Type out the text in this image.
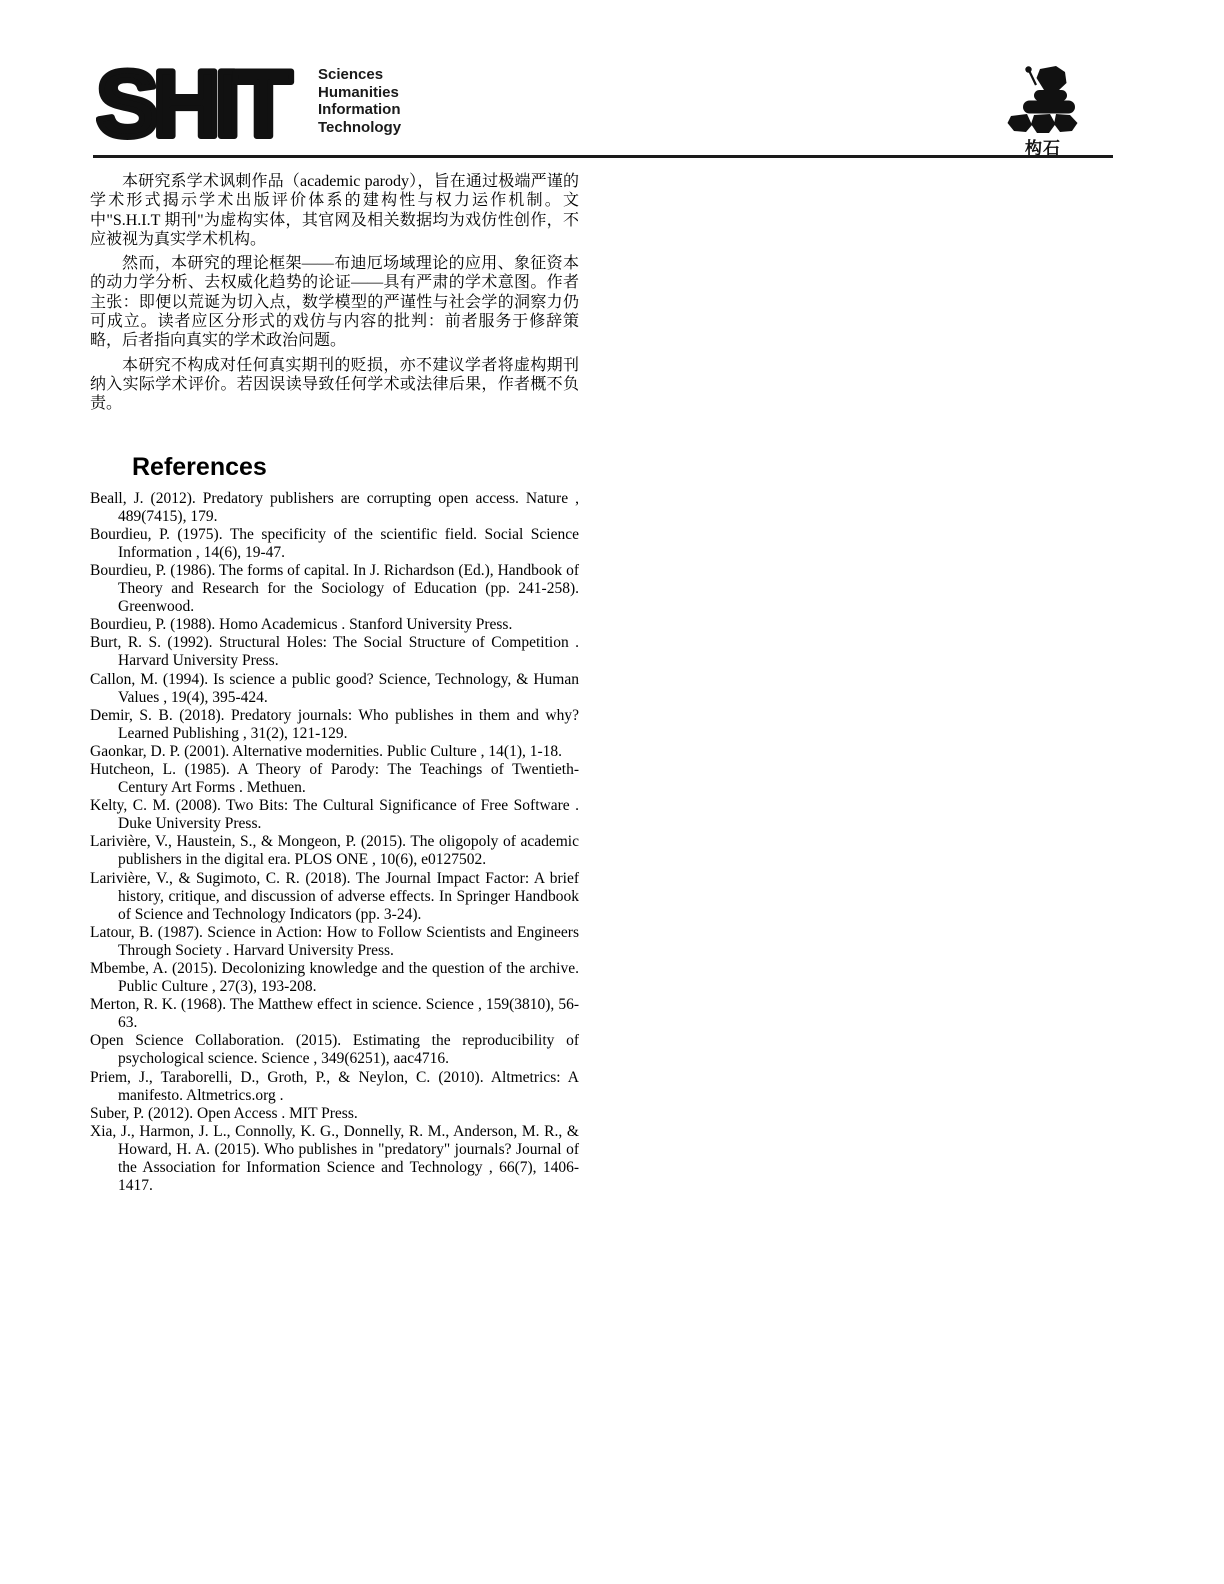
SHIT	Sciences
Humanities
Information
Technology
构石

本研究系学术讽刺作品（academic parody），旨在通过极端严谨的学术形式揭示学术出版评价体系的建构性与权力运作机制。文中"S.H.I.T 期刊"为虚构实体，其官网及相关数据均为戏仿性创作，不应被视为真实学术机构。

然而，本研究的理论框架——布迪厄场域理论的应用、象征资本的动力学分析、去权威化趋势的论证——具有严肃的学术意图。作者主张：即便以荒诞为切入点，数学模型的严谨性与社会学的洞察力仍可成立。读者应区分形式的戏仿与内容的批判：前者服务于修辞策略，后者指向真实的学术政治问题。

本研究不构成对任何真实期刊的贬损，亦不建议学者将虚构期刊纳入实际学术评价。若因误读导致任何学术或法律后果，作者概不负责。

References

Beall, J. (2012). Predatory publishers are corrupting open access. Nature , 489(7415), 179.

Bourdieu, P. (1975). The specificity of the scientific field. Social Science Information , 14(6), 19-47.

Bourdieu, P. (1986). The forms of capital. In J. Richardson (Ed.), Handbook of Theory and Research for the Sociology of Education (pp. 241-258). Greenwood.

Bourdieu, P. (1988). Homo Academicus . Stanford University Press.

Burt, R. S. (1992). Structural Holes: The Social Structure of Competition . Harvard University Press.

Callon, M. (1994). Is science a public good? Science, Technology, & Human Values , 19(4), 395-424.

Demir, S. B. (2018). Predatory journals: Who publishes in them and why? Learned Publishing , 31(2), 121-129.

Gaonkar, D. P. (2001). Alternative modernities. Public Culture , 14(1), 1-18.

Hutcheon, L. (1985). A Theory of Parody: The Teachings of Twentieth-Century Art Forms . Methuen.

Kelty, C. M. (2008). Two Bits: The Cultural Significance of Free Software . Duke University Press.

Larivière, V., Haustein, S., & Mongeon, P. (2015). The oligopoly of academic publishers in the digital era. PLOS ONE , 10(6), e0127502.

Larivière, V., & Sugimoto, C. R. (2018). The Journal Impact Factor: A brief history, critique, and discussion of adverse effects. In Springer Handbook of Science and Technology Indicators (pp. 3-24).

Latour, B. (1987). Science in Action: How to Follow Scientists and Engineers Through Society . Harvard University Press.

Mbembe, A. (2015). Decolonizing knowledge and the question of the archive. Public Culture , 27(3), 193-208.

Merton, R. K. (1968). The Matthew effect in science. Science , 159(3810), 56-63.

Open Science Collaboration. (2015). Estimating the reproducibility of psychological science. Science , 349(6251), aac4716.

Priem, J., Taraborelli, D., Groth, P., & Neylon, C. (2010). Altmetrics: A manifesto. Altmetrics.org .

Suber, P. (2012). Open Access . MIT Press.

Xia, J., Harmon, J. L., Connolly, K. G., Donnelly, R. M., Anderson, M. R., & Howard, H. A. (2015). Who publishes in "predatory" journals? Journal of the Association for Information Science and Technology , 66(7), 1406-1417.
